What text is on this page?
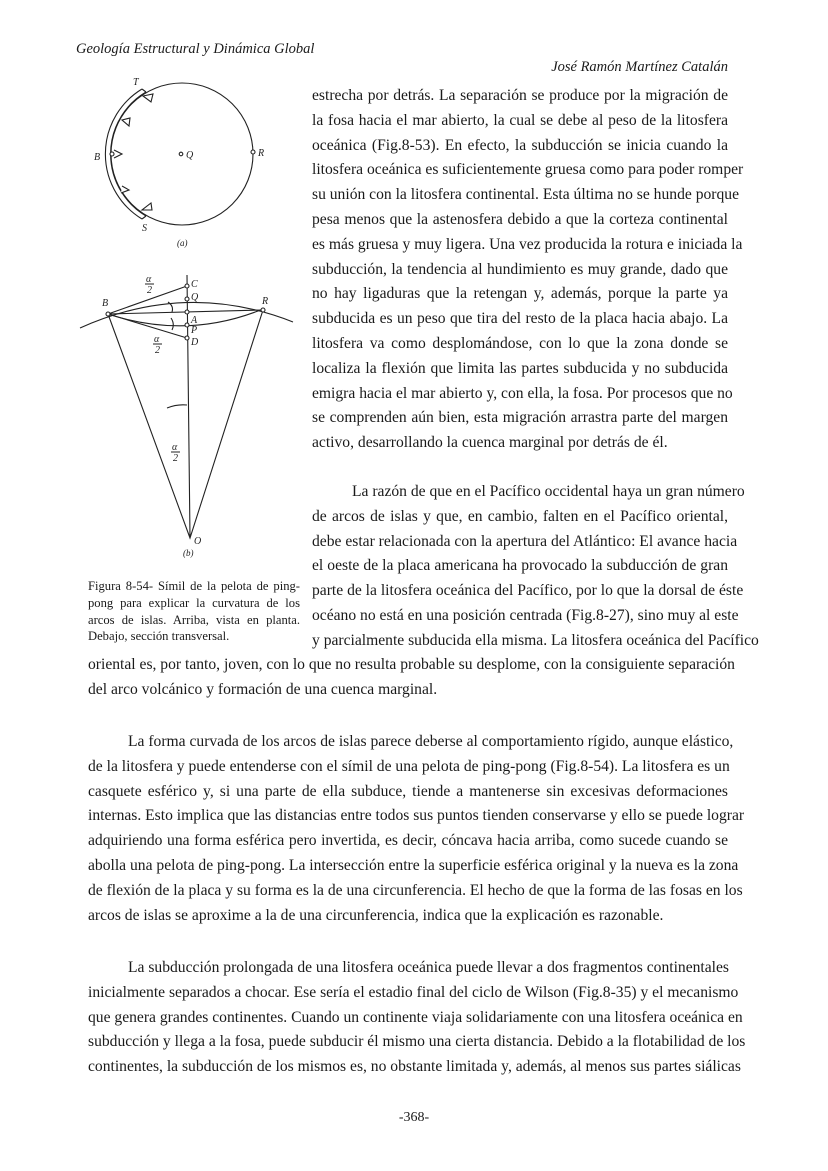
Geología Estructural y Dinámica Global
José Ramón Martínez Catalán
T
B	Q	R
S
(a)
B	R
C
Q
A
P
D
O
α
2
α
2
α
2
(b)
Figura 8-54- Símil de la pelota de ping-
pong para explicar la curvatura de los
arcos de islas. Arriba, vista en planta.
Debajo, sección transversal.
estrecha por detrás. La separación se produce por la migración de
la fosa hacia el mar abierto, la cual se debe al peso de la litosfera
oceánica (Fig.8-53). En efecto, la subducción se inicia cuando la
litosfera oceánica es suficientemente gruesa como para poder romper
su unión con la litosfera continental. Esta última no se hunde porque
pesa menos que la astenosfera debido a que la corteza continental
es más gruesa y muy ligera. Una vez producida la rotura e iniciada la
subducción, la tendencia al hundimiento es muy grande, dado que
no hay ligaduras que la retengan y, además, porque la parte ya
subducida es un peso que tira del resto de la placa hacia abajo. La
litosfera va como desplomándose, con lo que la zona donde se
localiza la flexión que limita las partes subducida y no subducida
emigra hacia el mar abierto y, con ella, la fosa. Por procesos que no
se comprenden aún bien, esta migración arrastra parte del margen
activo, desarrollando la cuenca marginal por detrás de él.
La razón de que en el Pacífico occidental haya un gran número
de arcos de islas y que, en cambio, falten en el Pacífico oriental,
debe estar relacionada con la apertura del Atlántico: El avance hacia
el oeste de la placa americana ha provocado la subducción de gran
parte de la litosfera oceánica del Pacífico, por lo que la dorsal de éste
océano no está en una posición centrada (Fig.8-27), sino muy al este
y parcialmente subducida ella misma. La litosfera oceánica del Pacífico
oriental es, por tanto, joven, con lo que no resulta probable su desplome, con la consiguiente separación
del arco volcánico y formación de una cuenca marginal.
La forma curvada de los arcos de islas parece deberse al comportamiento rígido, aunque elástico,
de la litosfera y puede entenderse con el símil de una pelota de ping-pong (Fig.8-54). La litosfera es un
casquete esférico y, si una parte de ella subduce, tiende a mantenerse sin excesivas deformaciones
internas. Esto implica que las distancias entre todos sus puntos tienden conservarse y ello se puede lograr
adquiriendo una forma esférica pero invertida, es decir, cóncava hacia arriba, como sucede cuando se
abolla una pelota de ping-pong. La intersección entre la superficie esférica original y la nueva es la zona
de flexión de la placa y su forma es la de una circunferencia. El hecho de que la forma de las fosas en los
arcos de islas se aproxime a la de una circunferencia, indica que la explicación es razonable.
La subducción prolongada de una litosfera oceánica puede llevar a dos fragmentos continentales
inicialmente separados a chocar. Ese sería el estadio final del ciclo de Wilson (Fig.8-35) y el mecanismo
que genera grandes continentes. Cuando un continente viaja solidariamente con una litosfera oceánica en
subducción y llega a la fosa, puede subducir él mismo una cierta distancia. Debido a la flotabilidad de los
continentes, la subducción de los mismos es, no obstante limitada y, además, al menos sus partes siálicas
-368-
